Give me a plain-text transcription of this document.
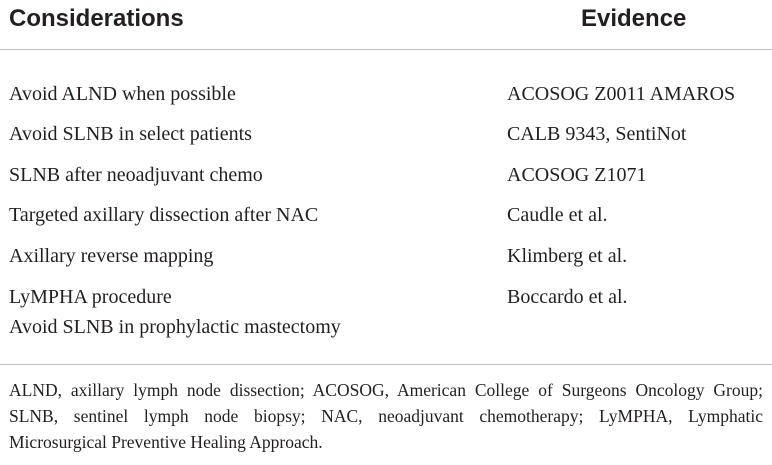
Considerations	Evidence
Avoid ALND when possible	ACOSOG Z0011 AMAROS
Avoid SLNB in select patients	CALB 9343, SentiNot
SLNB after neoadjuvant chemo	ACOSOG Z1071
Targeted axillary dissection after NAC	Caudle et al.
Axillary reverse mapping	Klimberg et al.
LyMPHA procedure	Boccardo et al.
Avoid SLNB in prophylactic mastectomy
ALND, axillary lymph node dissection; ACOSOG, American College of Surgeons Oncology Group; SLNB, sentinel lymph node biopsy; NAC, neoadjuvant chemotherapy; LyMPHA, Lymphatic Microsurgical Preventive Healing Approach.
